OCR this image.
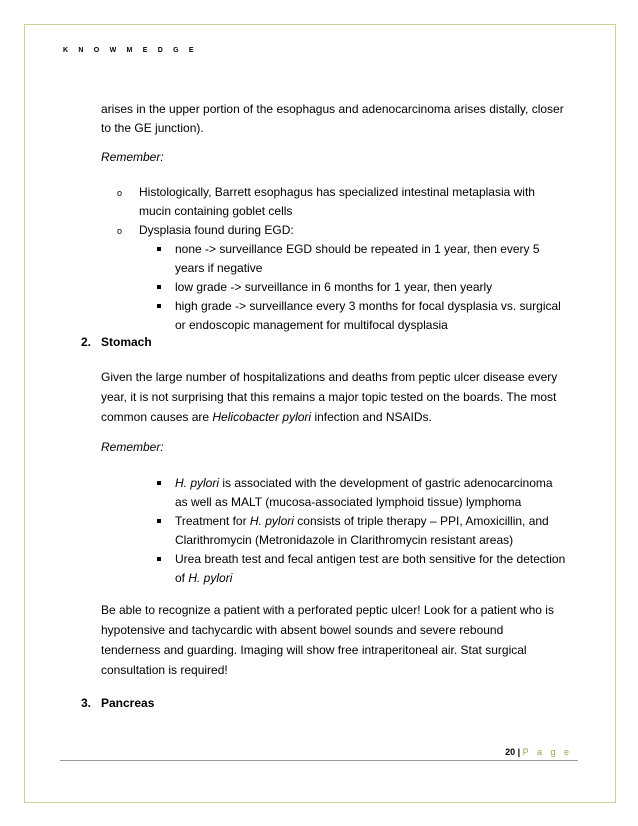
K N O W M E D G E
arises in the upper portion of the esophagus and adenocarcinoma arises distally, closer
to the GE junction).
Remember:
o Histologically, Barrett esophagus has specialized intestinal metaplasia with
mucin containing goblet cells
o Dysplasia found during EGD:
none -> surveillance EGD should be repeated in 1 year, then every 5
years if negative
low grade -> surveillance in 6 months for 1 year, then yearly
high grade -> surveillance every 3 months for focal dysplasia vs. surgical
or endoscopic management for multifocal dysplasia
2. Stomach
Given the large number of hospitalizations and deaths from peptic ulcer disease every
year, it is not surprising that this remains a major topic tested on the boards. The most
common causes are Helicobacter pylori infection and NSAIDs.
Remember:
H. pylori is associated with the development of gastric adenocarcinoma
as well as MALT (mucosa-associated lymphoid tissue) lymphoma
Treatment for H. pylori consists of triple therapy – PPI, Amoxicillin, and
Clarithromycin (Metronidazole in Clarithromycin resistant areas)
Urea breath test and fecal antigen test are both sensitive for the detection
of H. pylori
Be able to recognize a patient with a perforated peptic ulcer! Look for a patient who is
hypotensive and tachycardic with absent bowel sounds and severe rebound
tenderness and guarding. Imaging will show free intraperitoneal air. Stat surgical
consultation is required!
3. Pancreas
20 | P a g e
